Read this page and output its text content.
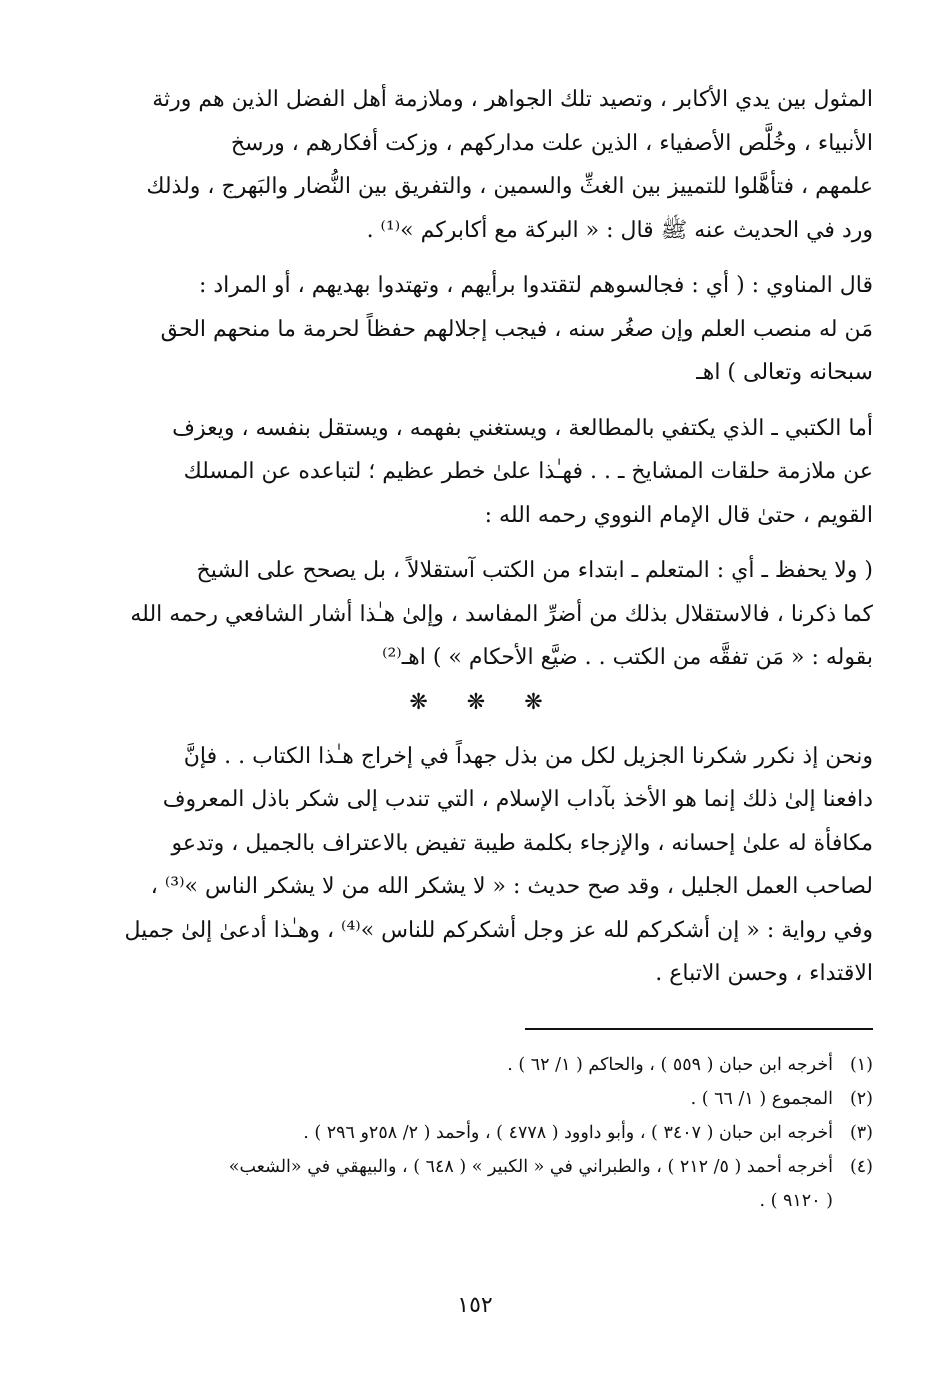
المثول بين يدي الأكابر ، وتصيد تلك الجواهر ، وملازمة أهل الفضل الذين هم ورثة
الأنبياء ، وخُلَّص الأصفياء ، الذين علت مداركهم ، وزكت أفكارهم ، ورسخ
علمهم ، فتأهَّلوا للتمييز بين الغثِّ والسمين ، والتفريق بين النُّضار والبَهرج ، ولذلك
ورد في الحديث عنه ﷺ قال : « البركة مع أكابركم »⁽¹⁾ .

قال المناوي : ( أي : فجالسوهم لتقتدوا برأيهم ، وتهتدوا بهديهم ، أو المراد :
مَن له منصب العلم وإن صغُر سنه ، فيجب إجلالهم حفظاً لحرمة ما منحهم الحق
سبحانه وتعالى ) اهـ

أما الكتبي ـ الذي يكتفي بالمطالعة ، ويستغني بفهمه ، ويستقل بنفسه ، ويعزف
عن ملازمة حلقات المشايخ ـ . . فهـٰذا علىٰ خطر عظيم ؛ لتباعده عن المسلك
القويم ، حتىٰ قال الإمام النووي رحمه الله :

( ولا يحفظ ـ أي : المتعلم ـ ابتداء من الكتب آستقلالاً ، بل يصحح على الشيخ
كما ذكرنا ، فالاستقلال بذلك من أضرِّ المفاسد ، وإلىٰ هـٰذا أشار الشافعي رحمه الله
بقوله : « مَن تفقَّه من الكتب . . ضيَّع الأحكام » ) اهـ⁽²⁾

❋ ❋ ❋

ونحن إذ نكرر شكرنا الجزيل لكل من بذل جهداً في إخراج هـٰذا الكتاب . . فإنَّ
دافعنا إلىٰ ذلك إنما هو الأخذ بآداب الإسلام ، التي تندب إلى شكر باذل المعروف
مكافأة له علىٰ إحسانه ، والإزجاء بكلمة طيبة تفيض بالاعتراف بالجميل ، وتدعو
لصاحب العمل الجليل ، وقد صح حديث : « لا يشكر الله من لا يشكر الناس »⁽³⁾ ،
وفي رواية : « إن أشكركم لله عز وجل أشكركم للناس »⁽⁴⁾ ، وهـٰذا أدعىٰ إلىٰ جميل
الاقتداء ، وحسن الاتباع .

(١)
أخرجه ابن حبان ( ٥٥٩ ) ، والحاكم ( ١/ ٦٢ ) .
(٢)
المجموع ( ١/ ٦٦ ) .
(٣)
أخرجه ابن حبان ( ٣٤٠٧ ) ، وأبو داوود ( ٤٧٧٨ ) ، وأحمد ( ٢/ ٢٥٨و ٢٩٦ ) .
(٤)
أخرجه أحمد ( ٥/ ٢١٢ ) ، والطبراني في « الكبير » ( ٦٤٨ ) ، والبيهقي في «الشعب»
( ٩١٢٠ ) .
١٥٢
